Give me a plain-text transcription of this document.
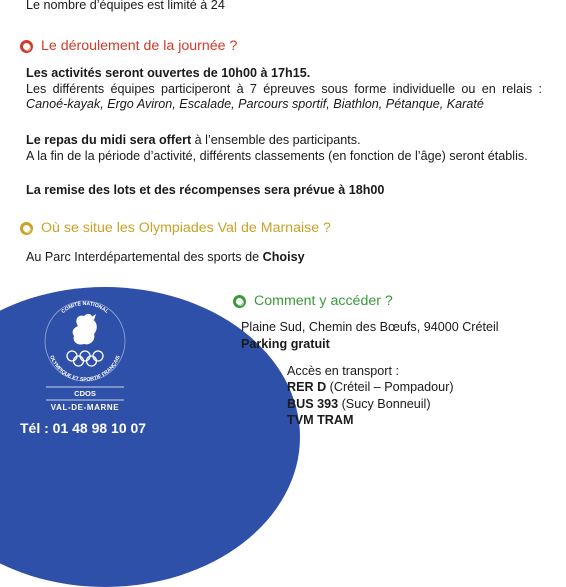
Le nombre d’équipes est limité à 24
Le déroulement de la journée ?
Les activités seront ouvertes de 10h00 à 17h15.
Les différents équipes participeront à 7 épreuves sous forme individuelle ou en relais : Canoé-kayak, Ergo Aviron, Escalade, Parcours sportif, Biathlon, Pétanque, Karaté
Le repas du midi sera offert à l’ensemble des participants.
A la fin de la période d’activité, différents classements (en fonction de l’âge) seront établis.
La remise des lots et des récompenses sera prévue à 18h00
Où se situe les Olympiades Val de Marnaise ?
Au Parc Interdépartemental des sports de Choisy
COMITÉ NATIONAL
OLYMPIQUE ET SPORTIF FRANÇAIS
CDOS
VAL-DE-MARNE
Tél : 01 48 98 10 07
Comment y accéder ?
Plaine Sud, Chemin des Bœufs, 94000 Créteil
Parking gratuit
Accès en transport :
RER D (Créteil – Pompadour)
BUS 393 (Sucy Bonneuil)
TVM TRAM
